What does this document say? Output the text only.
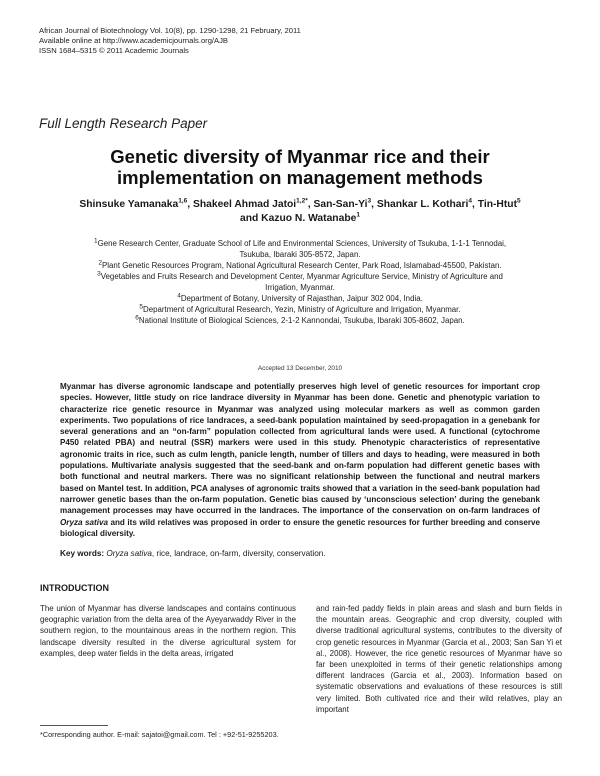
African Journal of Biotechnology Vol. 10(8), pp. 1290-1298, 21 February, 2011
Available online at http://www.academicjournals.org/AJB
ISSN 1684–5315 © 2011 Academic Journals
Full Length Research Paper
Genetic diversity of Myanmar rice and their
implementation on management methods
Shinsuke Yamanaka$^{1,6}$, Shakeel Ahmad Jatoi$^{1,2*}$, San-San-Yi$^3$, Shankar L. Kothari$^4$, Tin-Htut$^5$
and Kazuo N. Watanabe$^1$
$^1$Gene Research Center, Graduate School of Life and Environmental Sciences, University of Tsukuba, 1-1-1 Tennodai,
Tsukuba, Ibaraki 305-8572, Japan.
$^2$Plant Genetic Resources Program, National Agricultural Research Center, Park Road, Islamabad-45500, Pakistan.
$^3$Vegetables and Fruits Research and Development Center, Myanmar Agriculture Service, Ministry of Agriculture and
Irrigation, Myanmar.
$^4$Department of Botany, University of Rajasthan, Jaipur 302 004, India.
$^5$Department of Agricultural Research, Yezin, Ministry of Agriculture and Irrigation, Myanmar.
$^6$National Institute of Biological Sciences, 2-1-2 Kannondai, Tsukuba, Ibaraki 305-8602, Japan.
Accepted 13 December, 2010
Myanmar has diverse agronomic landscape and potentially preserves high level of genetic resources for important crop species. However, little study on rice landrace diversity in Myanmar has been done. Genetic and phenotypic variation to characterize rice genetic resource in Myanmar was analyzed using molecular markers as well as common garden experiments. Two populations of rice landraces, a seed-bank population maintained by seed-propagation in a genebank for several generations and an “on-farm” population collected from agricultural lands were used. A functional (cytochrome P450 related PBA) and neutral (SSR) markers were used in this study. Phenotypic characteristics of representative agronomic traits in rice, such as culm length, panicle length, number of tillers and days to heading, were measured in both populations. Multivariate analysis suggested that the seed-bank and on-farm population had different genetic bases with both functional and neutral markers. There was no significant relationship between the functional and neutral markers based on Mantel test. In addition, PCA analyses of agronomic traits showed that a variation in the seed-bank population had narrower genetic bases than the on-farm population. Genetic bias caused by ‘unconscious selection’ during the genebank management processes may have occurred in the landraces. The importance of the conservation on on-farm landraces of Oryza sativa and its wild relatives was proposed in order to ensure the genetic resources for further breeding and conserve biological diversity.
Key words: Oryza sativa, rice, landrace, on-farm, diversity, conservation.
INTRODUCTION
The union of Myanmar has diverse landscapes and contains continuous geographic variation from the delta area of the Ayeyarwaddy River in the southern region, to the mountainous areas in the northern region. This landscape diversity resulted in the diverse agricultural system for examples, deep water fields in the delta areas, irrigated
and rain-fed paddy fields in plain areas and slash and burn fields in the mountain areas. Geographic and crop diversity, coupled with diverse traditional agricultural systems, contributes to the diversity of crop genetic resources in Myanmar (Garcia et al., 2003; San San Yi et al., 2008). However, the rice genetic resources of Myanmar have so far been unexploited in terms of their genetic relationships among different landraces (Garcia et al., 2003). Information based on systematic observations and evaluations of these resources is still very limited. Both cultivated rice and their wild relatives, play an important
*Corresponding author. E-mail: sajatoi@gmail.com. Tel : +92-51-9255203.
